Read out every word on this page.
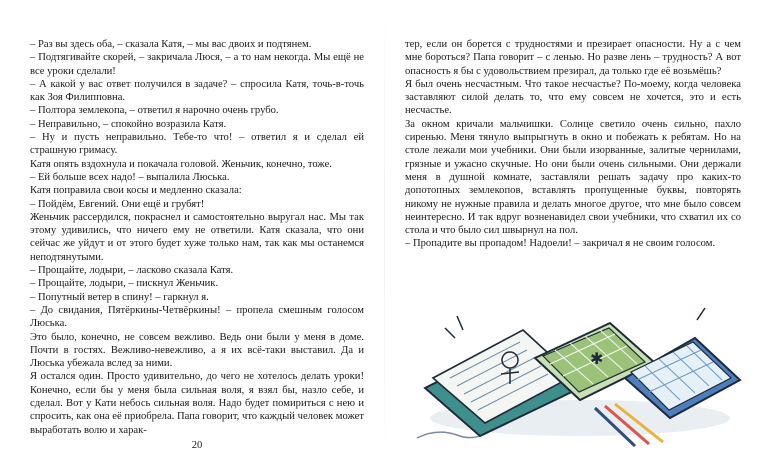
– Раз вы здесь оба, – сказала Катя, – мы вас двоих и подтянем.

– Подтягивайте скорей, – закричала Люся, – а то нам некогда. Мы ещё не все уроки сделали!

– А какой у вас ответ получился в задаче? – спросила Катя, точь-в-точь как Зоя Филипповна.

– Полтора землекопа, – ответил я нарочно очень грубо.

– Неправильно, – спокойно возразила Катя.

– Ну и пусть неправильно. Тебе-то что! – ответил я и сделал ей страшную гримасу.

Катя опять вздохнула и покачала головой. Женьчик, конечно, тоже.

– Ей больше всех надо! – выпалила Люська.

Катя поправила свои косы и медленно сказала:

– Пойдём, Евгений. Они ещё и грубят!

Женьчик рассердился, покраснел и самостоятельно выругал нас. Мы так этому удивились, что ничего ему не ответили. Катя сказала, что они сейчас же уйдут и от этого будет хуже только нам, так как мы останемся неподтянутыми.

– Прощайте, лодыри, – ласково сказала Катя.

– Прощайте, лодыри, – пискнул Женьчик.

– Попутный ветер в спину! – гаркнул я.

– До свидания, Пятёркины-Четвёркины! – пропела смешным голосом Люська.

Это было, конечно, не совсем вежливо. Ведь они были у меня в доме. Почти в гостях. Вежливо-невежливо, а я их всё-таки выставил. Да и Люська убежала вслед за ними.

Я остался один. Просто удивительно, до чего не хотелось делать уроки! Конечно, если бы у меня была сильная воля, я взял бы, назло себе, и сделал. Вот у Кати небось сильная воля. Надо будет помириться с нею и спросить, как она её приобрела. Папа говорит, что каждый человек может выработать волю и харак-

20

тер, если он борется с трудностями и презирает опасности. Ну а с чем мне бороться? Папа говорит – с ленью. Но разве лень – трудность? А вот опасность я бы с удовольствием презирал, да только где её возьмёшь?

Я был очень несчастным. Что такое несчастье? По-моему, когда человека заставляют силой делать то, что ему совсем не хочется, это и есть несчастье.

За окном кричали мальчишки. Солнце светило очень сильно, пахло сиренью. Меня тянуло выпрыгнуть в окно и побежать к ребятам. Но на столе лежали мои учебники. Они были изорванные, залитые чернилами, грязные и ужасно скучные. Но они были очень сильными. Они держали меня в душной комнате, заставляли решать задачу про каких-то допотопных землекопов, вставлять пропущенные буквы, повторять никому не нужные правила и делать многое другое, что мне было совсем неинтересно. И так вдруг возненавидел свои учебники, что схватил их со стола и что было сил швырнул на пол.

– Пропадите вы пропадом! Надоели! – закричал я не своим голосом.

✱
